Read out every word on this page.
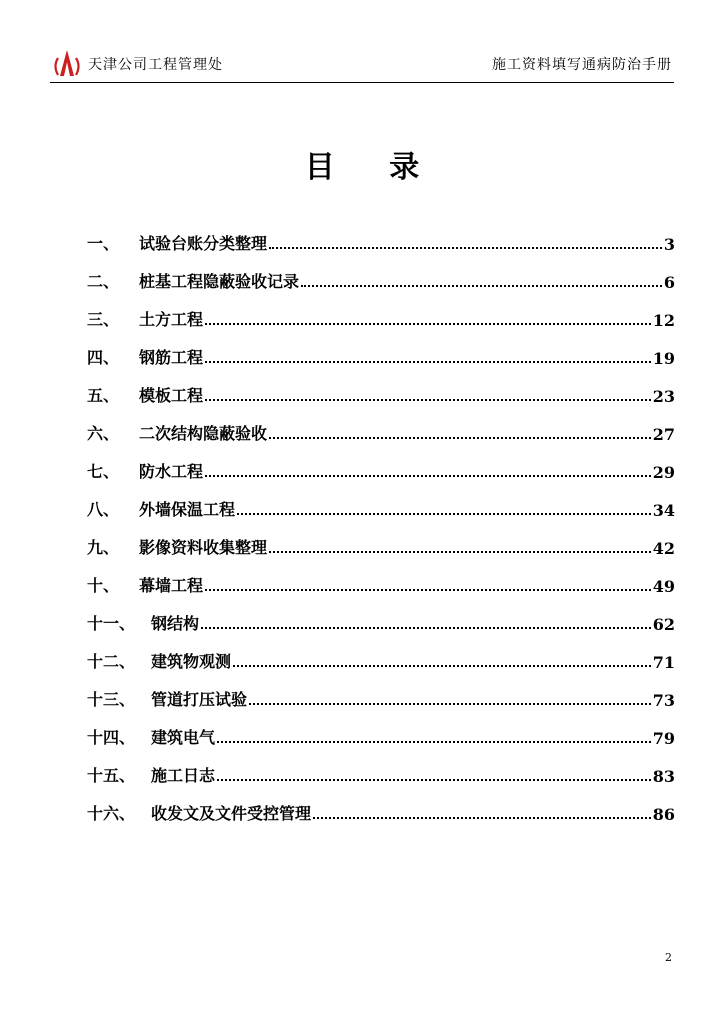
天津公司工程管理处	施工资料填写通病防治手册
目 录
一、	试验台账分类整理	3
二、	桩基工程隐蔽验收记录	6
三、	土方工程	12
四、	钢筋工程	19
五、	模板工程	23
六、	二次结构隐蔽验收	27
七、	防水工程	29
八、	外墙保温工程	34
九、	影像资料收集整理	42
十、	幕墙工程	49
十一、 钢结构	62
十二、 建筑物观测	71
十三、 管道打压试验	73
十四、 建筑电气	79
十五、 施工日志	83
十六、 收发文及文件受控管理	86
2
